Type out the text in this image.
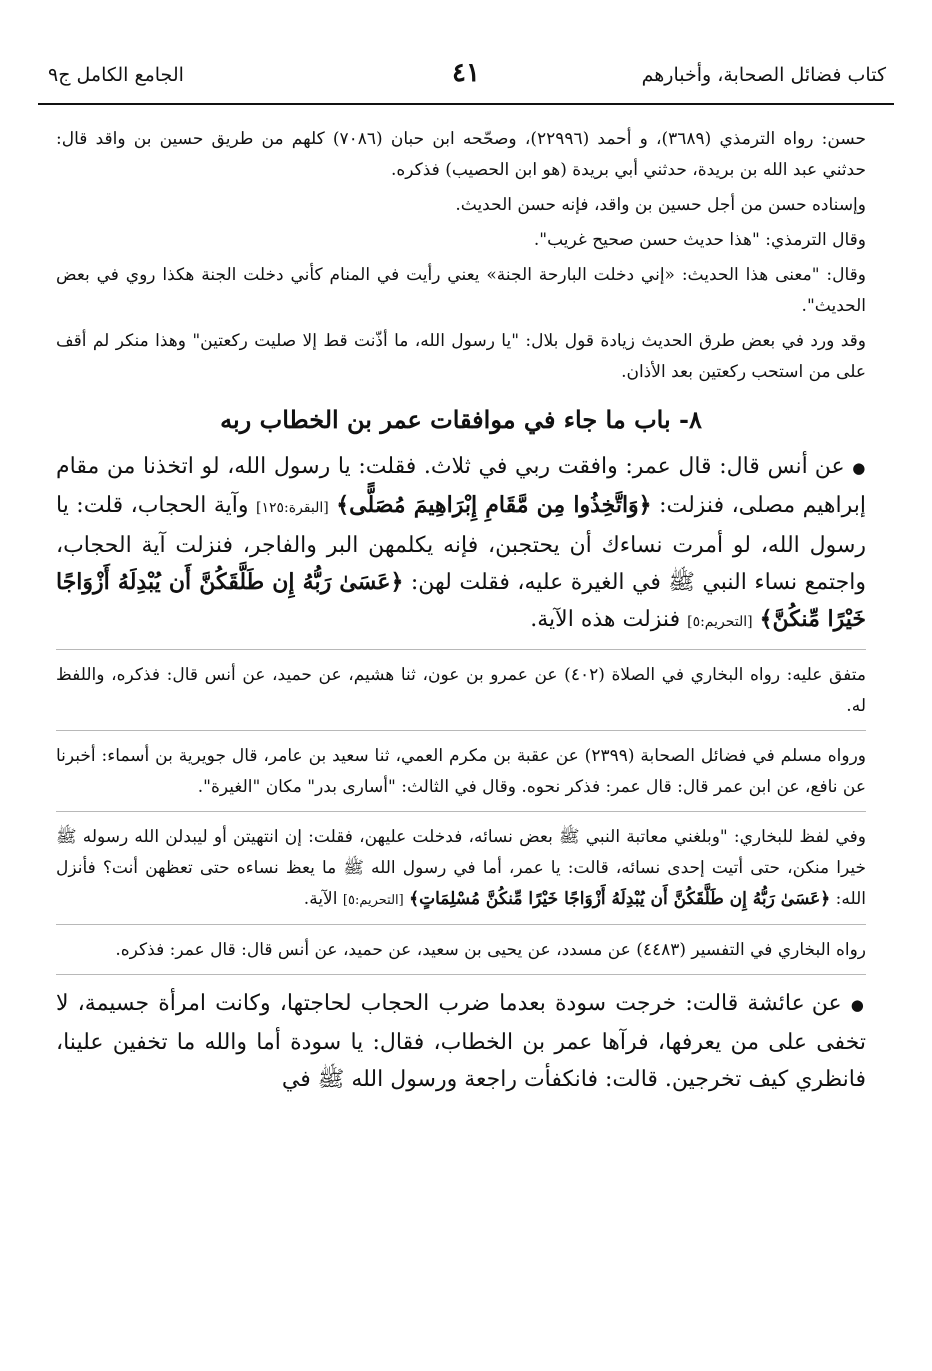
كتاب فضائل الصحابة، وأخبارهم
٤١
الجامع الكامل ج٩

حسن: رواه الترمذي (٣٦٨٩)، و أحمد (٢٢٩٩٦)، وصحّحه ابن حبان (٧٠٨٦) كلهم من طريق حسين بن واقد قال: حدثني عبد الله بن بريدة، حدثني أبي بريدة (هو ابن الحصيب) فذكره.

وإسناده حسن من أجل حسين بن واقد، فإنه حسن الحديث.

وقال الترمذي: "هذا حديث حسن صحيح غريب".

وقال: "معنى هذا الحديث: «إني دخلت البارحة الجنة» يعني رأيت في المنام كأني دخلت الجنة هكذا روي في بعض الحديث".

وقد ورد في بعض طرق الحديث زيادة قول بلال: "يا رسول الله، ما أذّنت قط إلا صليت ركعتين" وهذا منكر لم أقف على من استحب ركعتين بعد الأذان.

٨- باب ما جاء في موافقات عمر بن الخطاب ربه

● عن أنس قال: قال عمر: وافقت ربي في ثلاث. فقلت: يا رسول الله، لو اتخذنا من مقام إبراهيم مصلى، فنزلت: ﴿وَاتَّخِذُوا مِن مَّقَامِ إِبْرَاهِيمَ مُصَلًّى﴾ [البقرة:١٢٥] وآية الحجاب، قلت: يا رسول الله، لو أمرت نساءك أن يحتجبن، فإنه يكلمهن البر والفاجر، فنزلت آية الحجاب، واجتمع نساء النبي ﷺ في الغيرة عليه، فقلت لهن: ﴿عَسَىٰ رَبُّهُ إِن طَلَّقَكُنَّ أَن يُبْدِلَهُ أَزْوَاجًا خَيْرًا مِّنكُنَّ﴾ [التحريم:٥] فنزلت هذه الآية.

متفق عليه: رواه البخاري في الصلاة (٤٠٢) عن عمرو بن عون، ثنا هشيم، عن حميد، عن أنس قال: فذكره، واللفظ له.

ورواه مسلم في فضائل الصحابة (٢٣٩٩) عن عقبة بن مكرم العمي، ثنا سعيد بن عامر، قال جويرية بن أسماء: أخبرنا عن نافع، عن ابن عمر قال: قال عمر: فذكر نحوه. وقال في الثالث: "أسارى بدر" مكان "الغيرة".

وفي لفظ للبخاري: "وبلغني معاتبة النبي ﷺ بعض نسائه، فدخلت عليهن، فقلت: إن انتهيتن أو ليبدلن الله رسوله ﷺ خيرا منكن، حتى أتيت إحدى نسائه، قالت: يا عمر، أما في رسول الله ﷺ ما يعظ نساءه حتى تعظهن أنت؟ فأنزل الله: ﴿عَسَىٰ رَبُّهُ إِن طَلَّقَكُنَّ أَن يُبْدِلَهُ أَزْوَاجًا خَيْرًا مِّنكُنَّ مُسْلِمَاتٍ﴾ [التحريم:٥] الآية.

رواه البخاري في التفسير (٤٤٨٣) عن مسدد، عن يحيى بن سعيد، عن حميد، عن أنس قال: قال عمر: فذكره.

● عن عائشة قالت: خرجت سودة بعدما ضرب الحجاب لحاجتها، وكانت امرأة جسيمة، لا تخفى على من يعرفها، فرآها عمر بن الخطاب، فقال: يا سودة أما والله ما تخفين علينا، فانظري كيف تخرجين. قالت: فانكفأت راجعة ورسول الله ﷺ في
